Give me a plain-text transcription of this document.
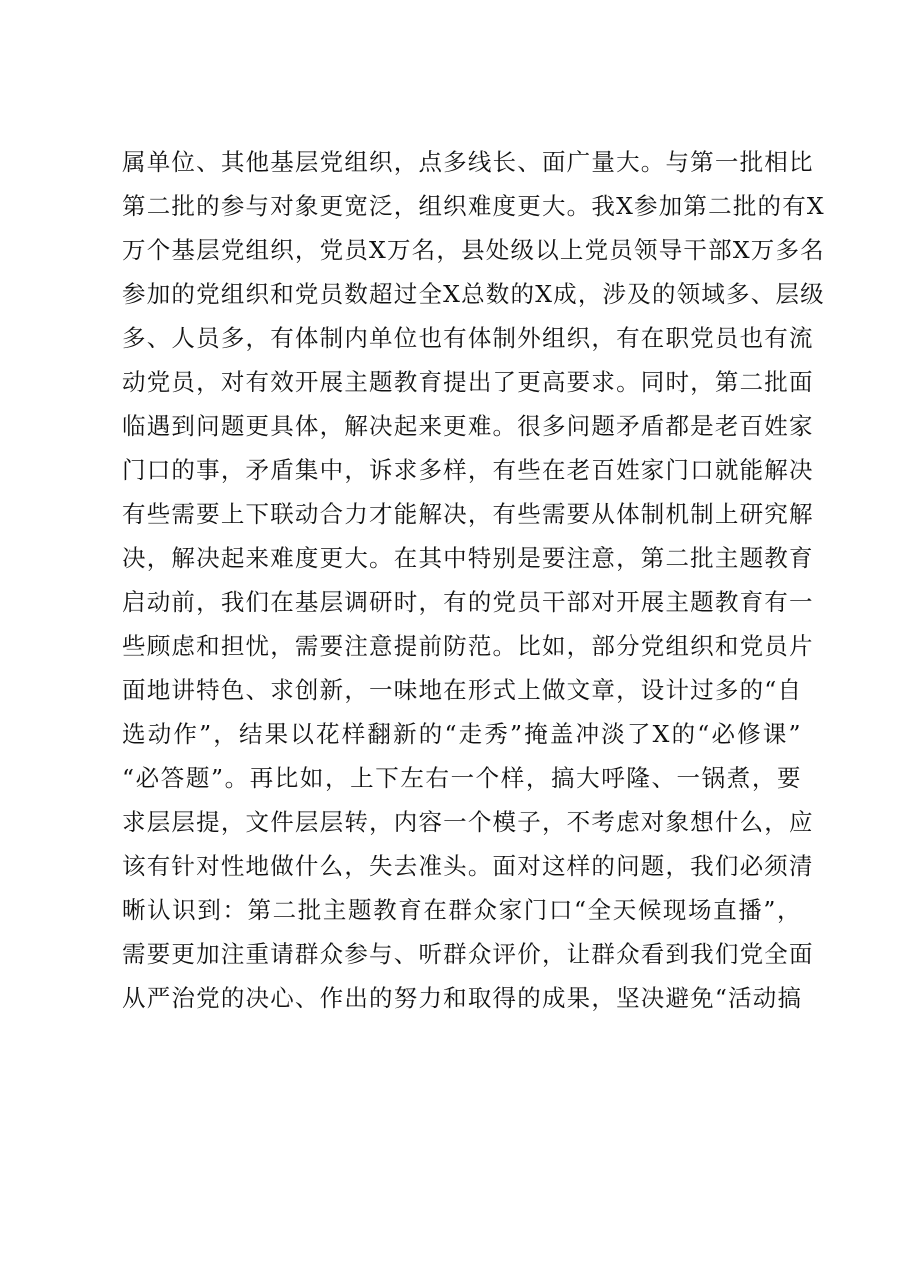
属 单 位 、 其 他 基 层 党 组 织 ， 点 多 线 长 、 面 广 量 大 。 与 第 一 批 相 比
第 二 批 的 参 与 对 象 更 宽 泛 ， 组 织 难 度 更 大 。 我 X 参 加 第 二 批 的 有 X
万 个 基 层 党 组 织 ， 党 员 X 万 名 ， 县 处 级 以 上 党 员 领 导 干 部 X 万 多 名
参 加 的 党 组 织 和 党 员 数 超 过 全 X 总 数 的 X 成 ， 涉 及 的 领 域 多 、 层 级
多 、 人 员 多 ， 有 体 制 内 单 位 也 有 体 制 外 组 织 ， 有 在 职 党 员 也 有 流
动 党 员 ， 对 有 效 开 展 主 题 教 育 提 出 了 更 高 要 求 。 同 时 ， 第 二 批 面
临 遇 到 问 题 更 具 体 ， 解 决 起 来 更 难 。 很 多 问 题 矛 盾 都 是 老 百 姓 家
门 口 的 事 ， 矛 盾 集 中 ， 诉 求 多 样 ， 有 些 在 老 百 姓 家 门 口 就 能 解 决
有 些 需 要 上 下 联 动 合 力 才 能 解 决 ， 有 些 需 要 从 体 制 机 制 上 研 究 解
决 ， 解 决 起 来 难 度 更 大 。 在 其 中 特 别 是 要 注 意 ， 第 二 批 主 题 教 育
启 动 前 ， 我 们 在 基 层 调 研 时 ， 有 的 党 员 干 部 对 开 展 主 题 教 育 有 一
些 顾 虑 和 担 忧 ， 需 要 注 意 提 前 防 范 。 比 如 ， 部 分 党 组 织 和 党 员 片
面 地 讲 特 色 、 求 创 新 ， 一 味 地 在 形 式 上 做 文 章 ， 设 计 过 多 的 “ 自
选 动 作 ” ， 结 果 以 花 样 翻 新 的 “ 走 秀 ” 掩 盖 冲 淡 了 X 的 “ 必 修 课 ”
“ 必 答 题 ” 。 再 比 如 ， 上 下 左 右 一 个 样 ， 搞 大 呼 隆 、 一 锅 煮 ， 要
求 层 层 提 ， 文 件 层 层 转 ， 内 容 一 个 模 子 ， 不 考 虑 对 象 想 什 么 ， 应
该 有 针 对 性 地 做 什 么 ， 失 去 准 头 。 面 对 这 样 的 问 题 ， 我 们 必 须 清
晰 认 识 到 ： 第 二 批 主 题 教 育 在 群 众 家 门 口 “ 全 天 候 现 场 直 播 ” ，
需 要 更 加 注 重 请 群 众 参 与 、 听 群 众 评 价 ， 让 群 众 看 到 我 们 党 全 面
从 严 治 党 的 决 心 、 作 出 的 努 力 和 取 得 的 成 果 ， 坚 决 避 免 “ 活 动 搞
